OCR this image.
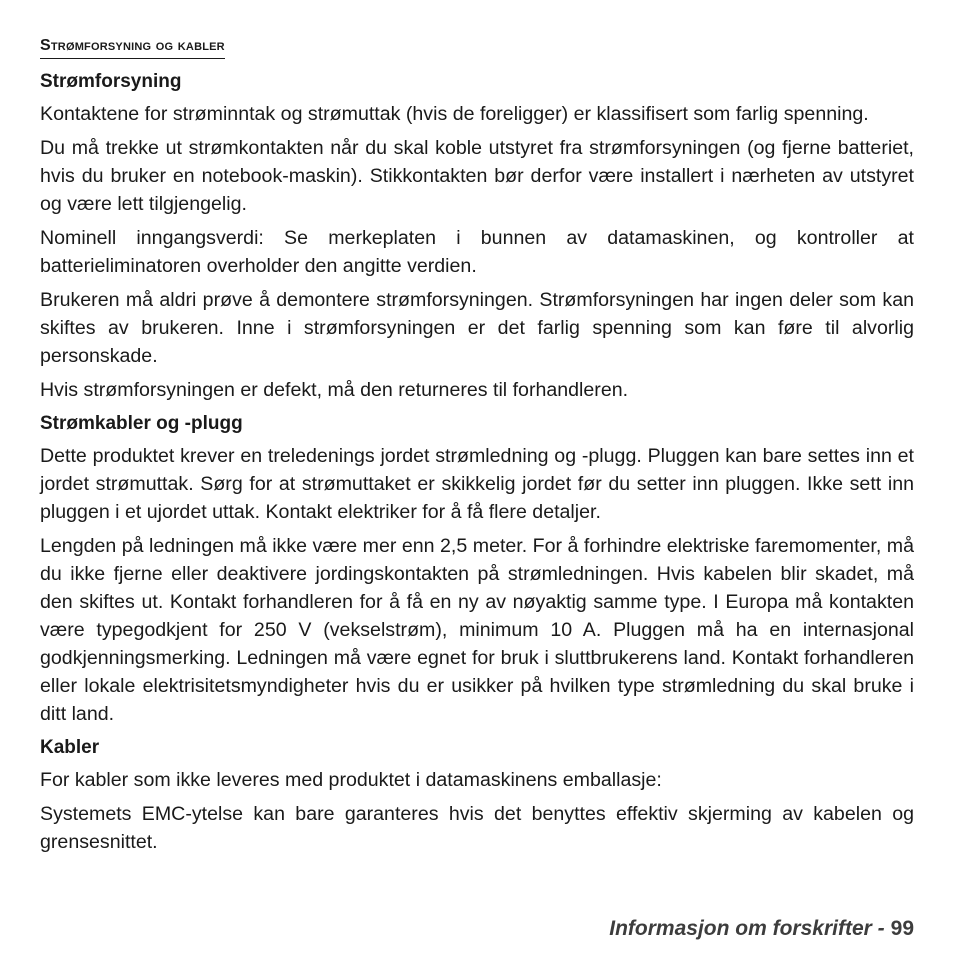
Strømforsyning og kabler
Strømforsyning

Kontaktene for strøminntak og strømuttak (hvis de foreligger) er klassifisert som farlig spenning.

Du må trekke ut strømkontakten når du skal koble utstyret fra strømforsyningen (og fjerne batteriet, hvis du bruker en notebook-maskin). Stikkontakten bør derfor være installert i nærheten av utstyret og være lett tilgjengelig.

Nominell inngangsverdi: Se merkeplaten i bunnen av datamaskinen, og kontroller at batterieliminatoren overholder den angitte verdien.

Brukeren må aldri prøve å demontere strømforsyningen. Strømforsyningen har ingen deler som kan skiftes av brukeren. Inne i strømforsyningen er det farlig spenning som kan føre til alvorlig personskade.

Hvis strømforsyningen er defekt, må den returneres til forhandleren.

Strømkabler og -plugg

Dette produktet krever en treledenings jordet strømledning og -plugg. Pluggen kan bare settes inn et jordet strømuttak. Sørg for at strømuttaket er skikkelig jordet før du setter inn pluggen. Ikke sett inn pluggen i et ujordet uttak. Kontakt elektriker for å få flere detaljer.

Lengden på ledningen må ikke være mer enn 2,5 meter. For å forhindre elektriske faremomenter, må du ikke fjerne eller deaktivere jordingskontakten på strømledningen. Hvis kabelen blir skadet, må den skiftes ut. Kontakt forhandleren for å få en ny av nøyaktig samme type. I Europa må kontakten være typegodkjent for 250 V (vekselstrøm), minimum 10 A. Pluggen må ha en internasjonal godkjenningsmerking. Ledningen må være egnet for bruk i sluttbrukerens land. Kontakt forhandleren eller lokale elektrisitetsmyndigheter hvis du er usikker på hvilken type strømledning du skal bruke i ditt land.

Kabler

For kabler som ikke leveres med produktet i datamaskinens emballasje:

Systemets EMC-ytelse kan bare garanteres hvis det benyttes effektiv skjerming av kabelen og grensesnittet.

Informasjon om forskrifter - 99
